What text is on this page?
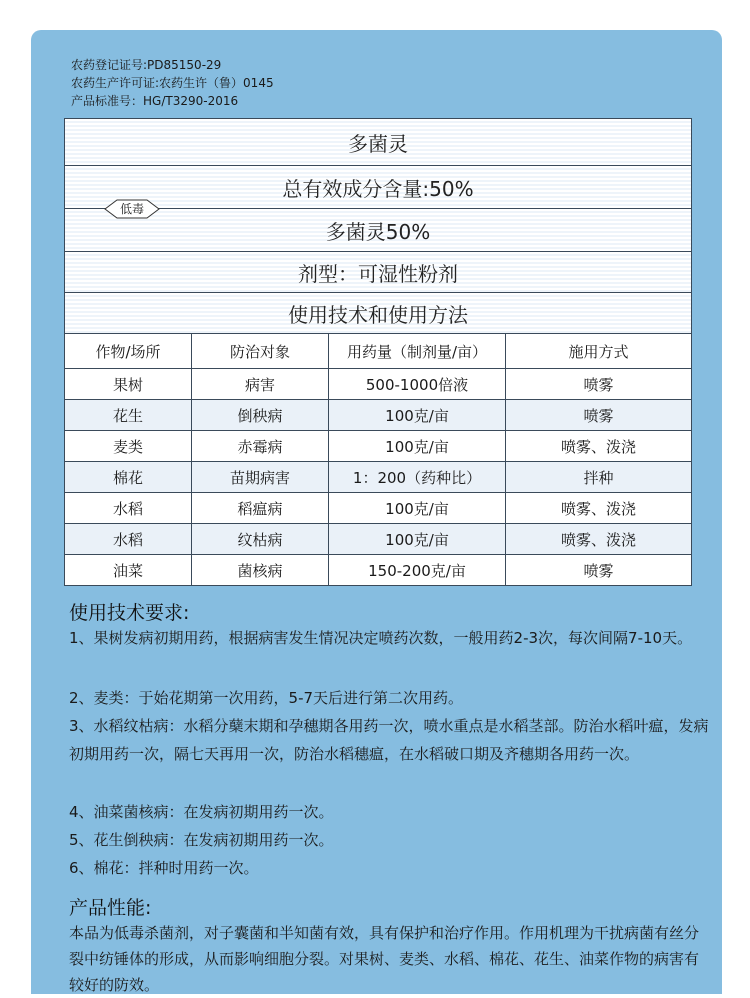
农药登记证号:PD85150-29
农药生产许可证:农药生许（鲁）0145
产品标准号：HG/T3290-2016
多菌灵
总有效成分含量:50%
多菌灵50%
剂型：可湿性粉剂
使用技术和使用方法
低毒
作物/场所	防治对象	用药量（制剂量/亩）	施用方式
果树	病害	500-1000倍液	喷雾
花生	倒秧病	100克/亩	喷雾
麦类	赤霉病	100克/亩	喷雾、泼浇
棉花	苗期病害	1：200（药种比）	拌种
水稻	稻瘟病	100克/亩	喷雾、泼浇
水稻	纹枯病	100克/亩	喷雾、泼浇
油菜	菌核病	150-200克/亩	喷雾
使用技术要求:
1、果树发病初期用药，根据病害发生情况决定喷药次数，一般用药2-3次，每次间隔7-10天。
2、麦类：于始花期第一次用药，5-7天后进行第二次用药。
3、水稻纹枯病：水稻分蘖末期和孕穗期各用药一次，喷水重点是水稻茎部。防治水稻叶瘟，发病初期用药一次，隔七天再用一次，防治水稻穗瘟，在水稻破口期及齐穗期各用药一次。
4、油菜菌核病：在发病初期用药一次。
5、花生倒秧病：在发病初期用药一次。
6、棉花：拌种时用药一次。
产品性能:
本品为低毒杀菌剂，对子囊菌和半知菌有效，具有保护和治疗作用。作用机理为干扰病菌有丝分裂中纺锤体的形成，从而影响细胞分裂。对果树、麦类、水稻、棉花、花生、油菜作物的病害有较好的防效。
